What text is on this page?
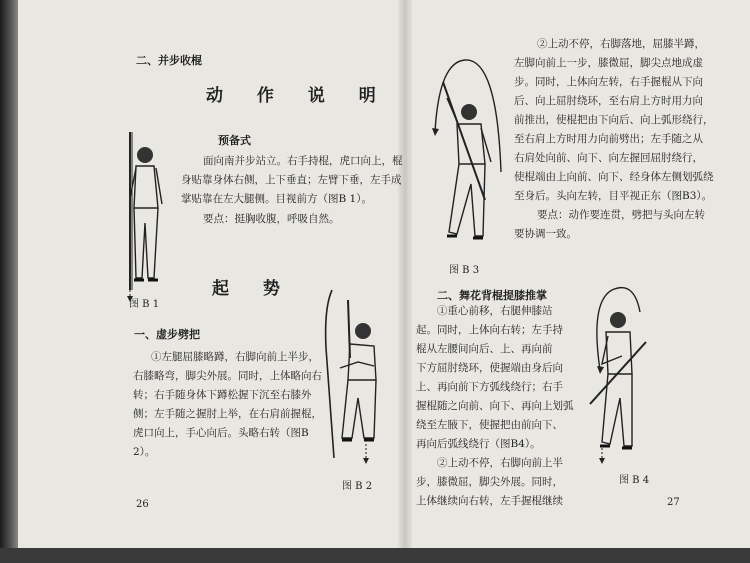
二、并步收棍
动 作 说 明
预备式
面向南并步站立。右手持棍，虎口向上，棍
身贴靠身体右侧，上下垂直；左臂下垂，左手成
掌贴靠在左大腿侧。目视前方（图B 1）。
要点：挺胸收腹，呼吸自然。
图 B 1
起 势
一、虚步劈把
①左腿屈膝略蹲，右脚向前上半步，
右膝略弯，脚尖外展。同时，上体略向右
转；右手随身体下蹲松握下沉至右膝外
侧；左手随之握肘上举，在右肩前握棍，
虎口向上，手心向后。头略右转（图B
2）。
图 B 2
26
②上动不停，右脚落地，屈膝半蹲，
左脚向前上一步，膝微屈，脚尖点地成虚
步。同时，上体向左转，右手握棍从下向
后、向上屈肘绕环，至右肩上方时用力向
前推出，使棍把由下向后、向上弧形绕行，
至右肩上方时用力向前劈出；左手随之从
右肩处向前、向下、向左握回屈肘绕行，
使棍端由上向前、向下、经身体左侧划弧绕
至身后。头向左转，目平视正东（图B3）。
要点：动作要连贯，劈把与头向左转
要协调一致。
图 B 3
二、舞花背棍提膝推掌
①重心前移，右腿伸膝站
起。同时，上体向右转；左手持
棍从左腰间向后、上、再向前
下方屈肘绕环，使握端由身后向
上、再向前下方弧线绕行；右手
握棍随之向前、向下、再向上划弧
绕至左腋下，使握把由前向下、
再向后弧线绕行（图B4）。
②上动不停，右脚向前上半
步，膝微屈，脚尖外展。同时，
上体继续向右转，左手握棍继续
图 B 4
27
